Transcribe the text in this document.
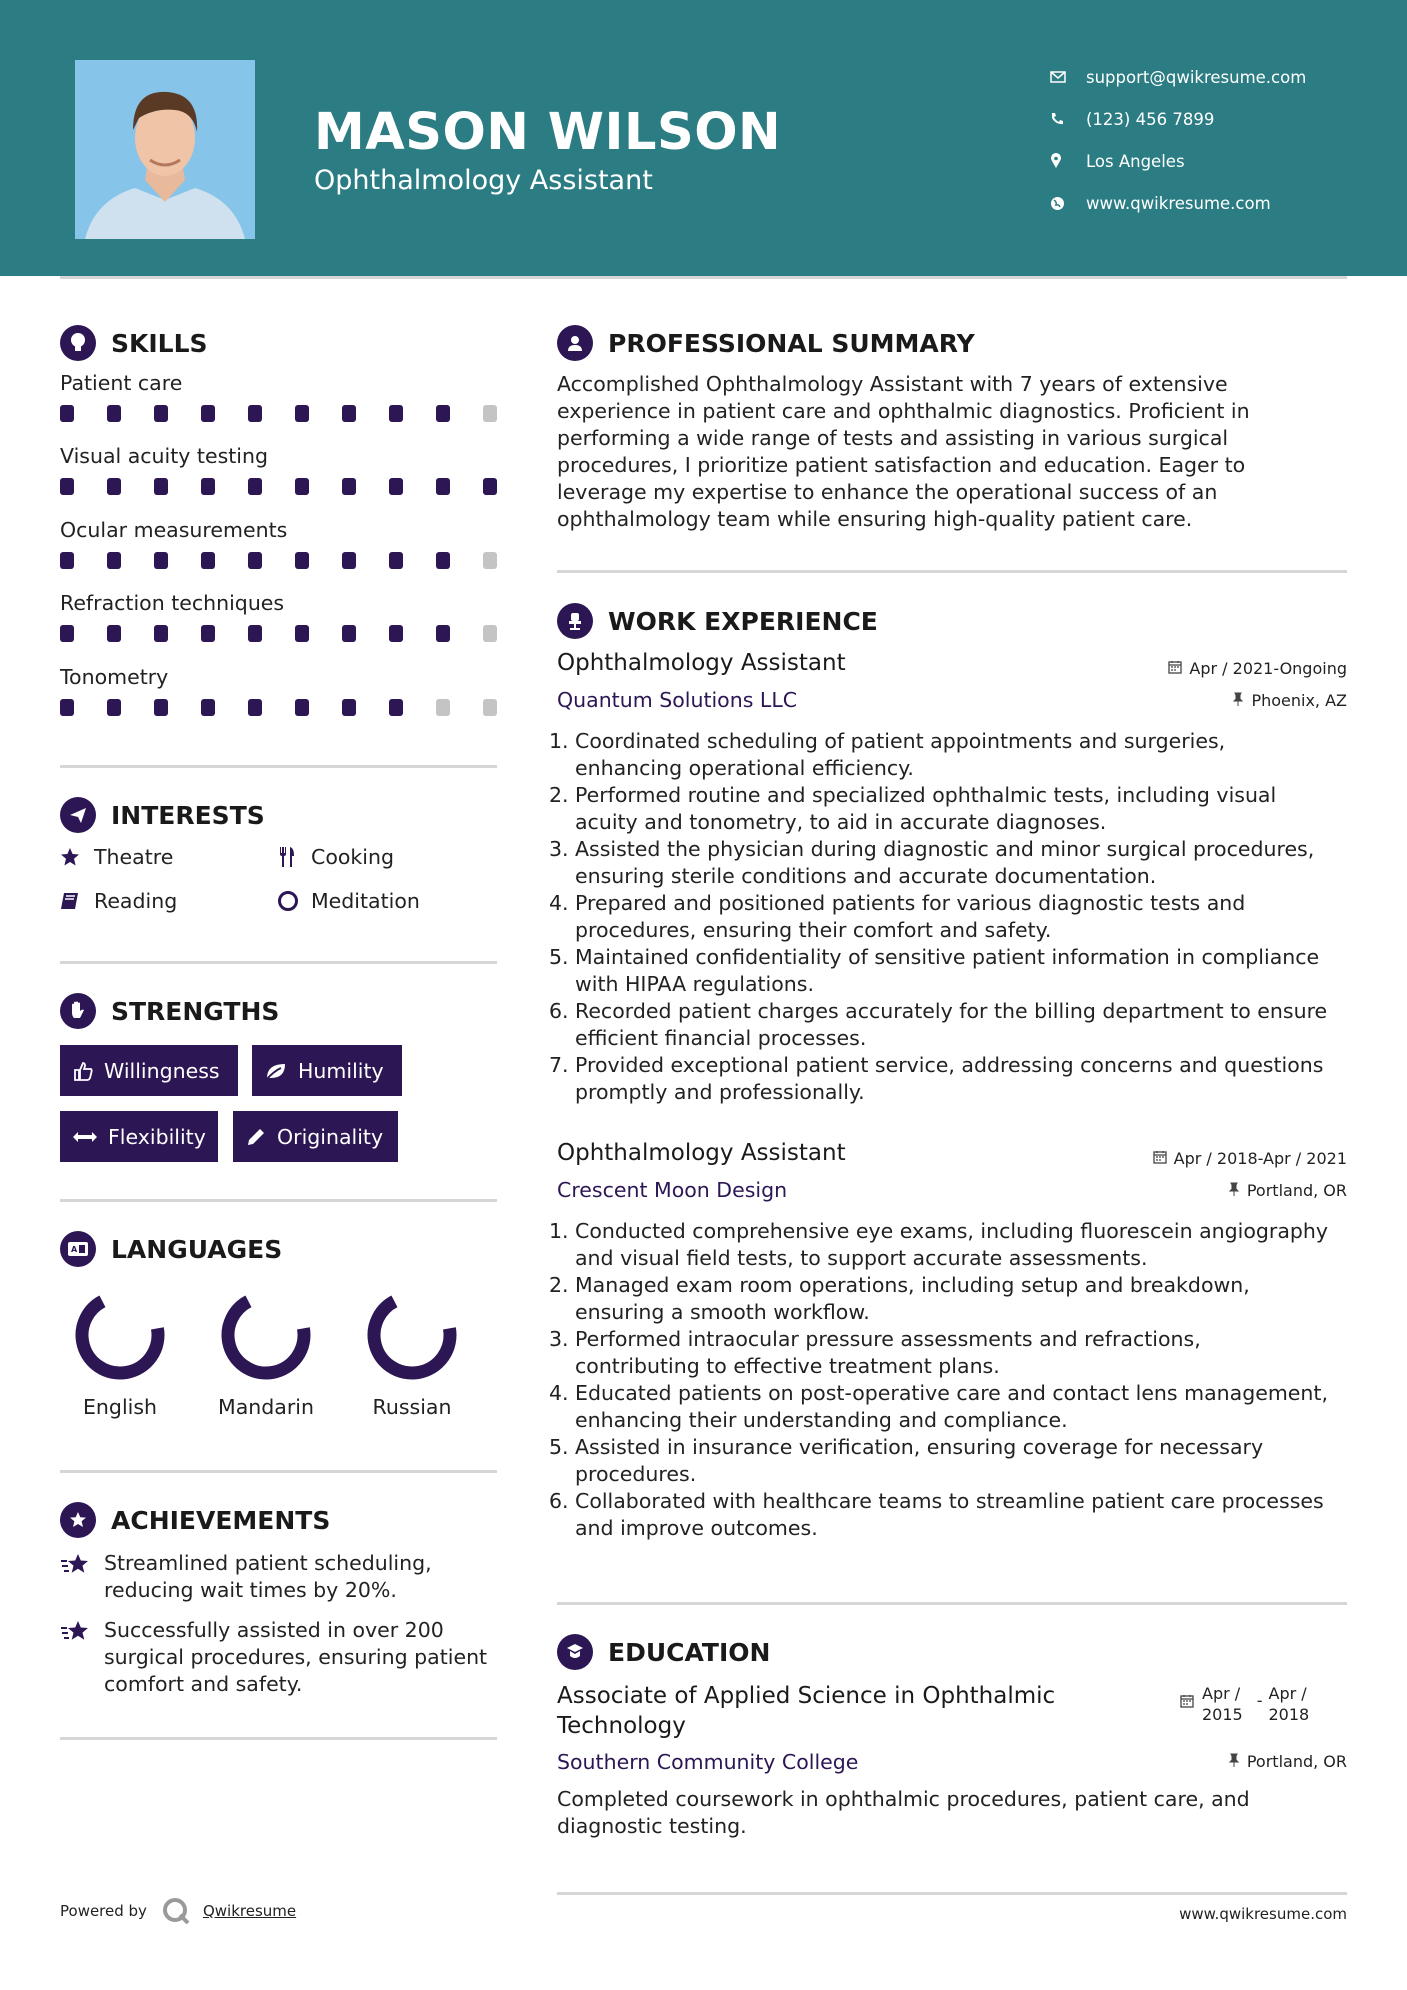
MASON WILSON
Ophthalmology Assistant
support@qwikresume.com
(123) 456 7899
Los Angeles
www.qwikresume.com
SKILLS
Patient care
Visual acuity testing
Ocular measurements
Refraction techniques
Tonometry
INTERESTS
Theatre	Cooking
Reading	Meditation
STRENGTHS
Willingness	Humility
Flexibility	Originality
A LANGUAGES
English	Mandarin	Russian
ACHIEVEMENTS
Streamlined patient scheduling,
reducing wait times by 20%.
Successfully assisted in over 200
surgical procedures, ensuring patient
comfort and safety.
PROFESSIONAL SUMMARY
Accomplished Ophthalmology Assistant with 7 years of extensive
experience in patient care and ophthalmic diagnostics. Proficient in
performing a wide range of tests and assisting in various surgical
procedures, I prioritize patient satisfaction and education. Eager to
leverage my expertise to enhance the operational success of an
ophthalmology team while ensuring high-quality patient care.
WORK EXPERIENCE
Ophthalmology Assistant	Apr / 2021-Ongoing
Quantum Solutions LLC	Phoenix, AZ
1. Coordinated scheduling of patient appointments and surgeries,
enhancing operational efficiency.
2. Performed routine and specialized ophthalmic tests, including visual
acuity and tonometry, to aid in accurate diagnoses.
3. Assisted the physician during diagnostic and minor surgical procedures,
ensuring sterile conditions and accurate documentation.
4. Prepared and positioned patients for various diagnostic tests and
procedures, ensuring their comfort and safety.
5. Maintained confidentiality of sensitive patient information in compliance
with HIPAA regulations.
6. Recorded patient charges accurately for the billing department to ensure
efficient financial processes.
7. Provided exceptional patient service, addressing concerns and questions
promptly and professionally.
Ophthalmology Assistant	Apr / 2018-Apr / 2021
Crescent Moon Design	Portland, OR
1. Conducted comprehensive eye exams, including fluorescein angiography
and visual field tests, to support accurate assessments.
2. Managed exam room operations, including setup and breakdown,
ensuring a smooth workflow.
3. Performed intraocular pressure assessments and refractions,
contributing to effective treatment plans.
4. Educated patients on post-operative care and contact lens management,
enhancing their understanding and compliance.
5. Assisted in insurance verification, ensuring coverage for necessary
procedures.
6. Collaborated with healthcare teams to streamline patient care processes
and improve outcomes.
EDUCATION
Associate of Applied Science in Ophthalmic
Technology
Apr /
2015
- Apr /
2018
Southern Community College	Portland, OR
Completed coursework in ophthalmic procedures, patient care, and
diagnostic testing.
Powered by	Qwikresume	www.qwikresume.com
